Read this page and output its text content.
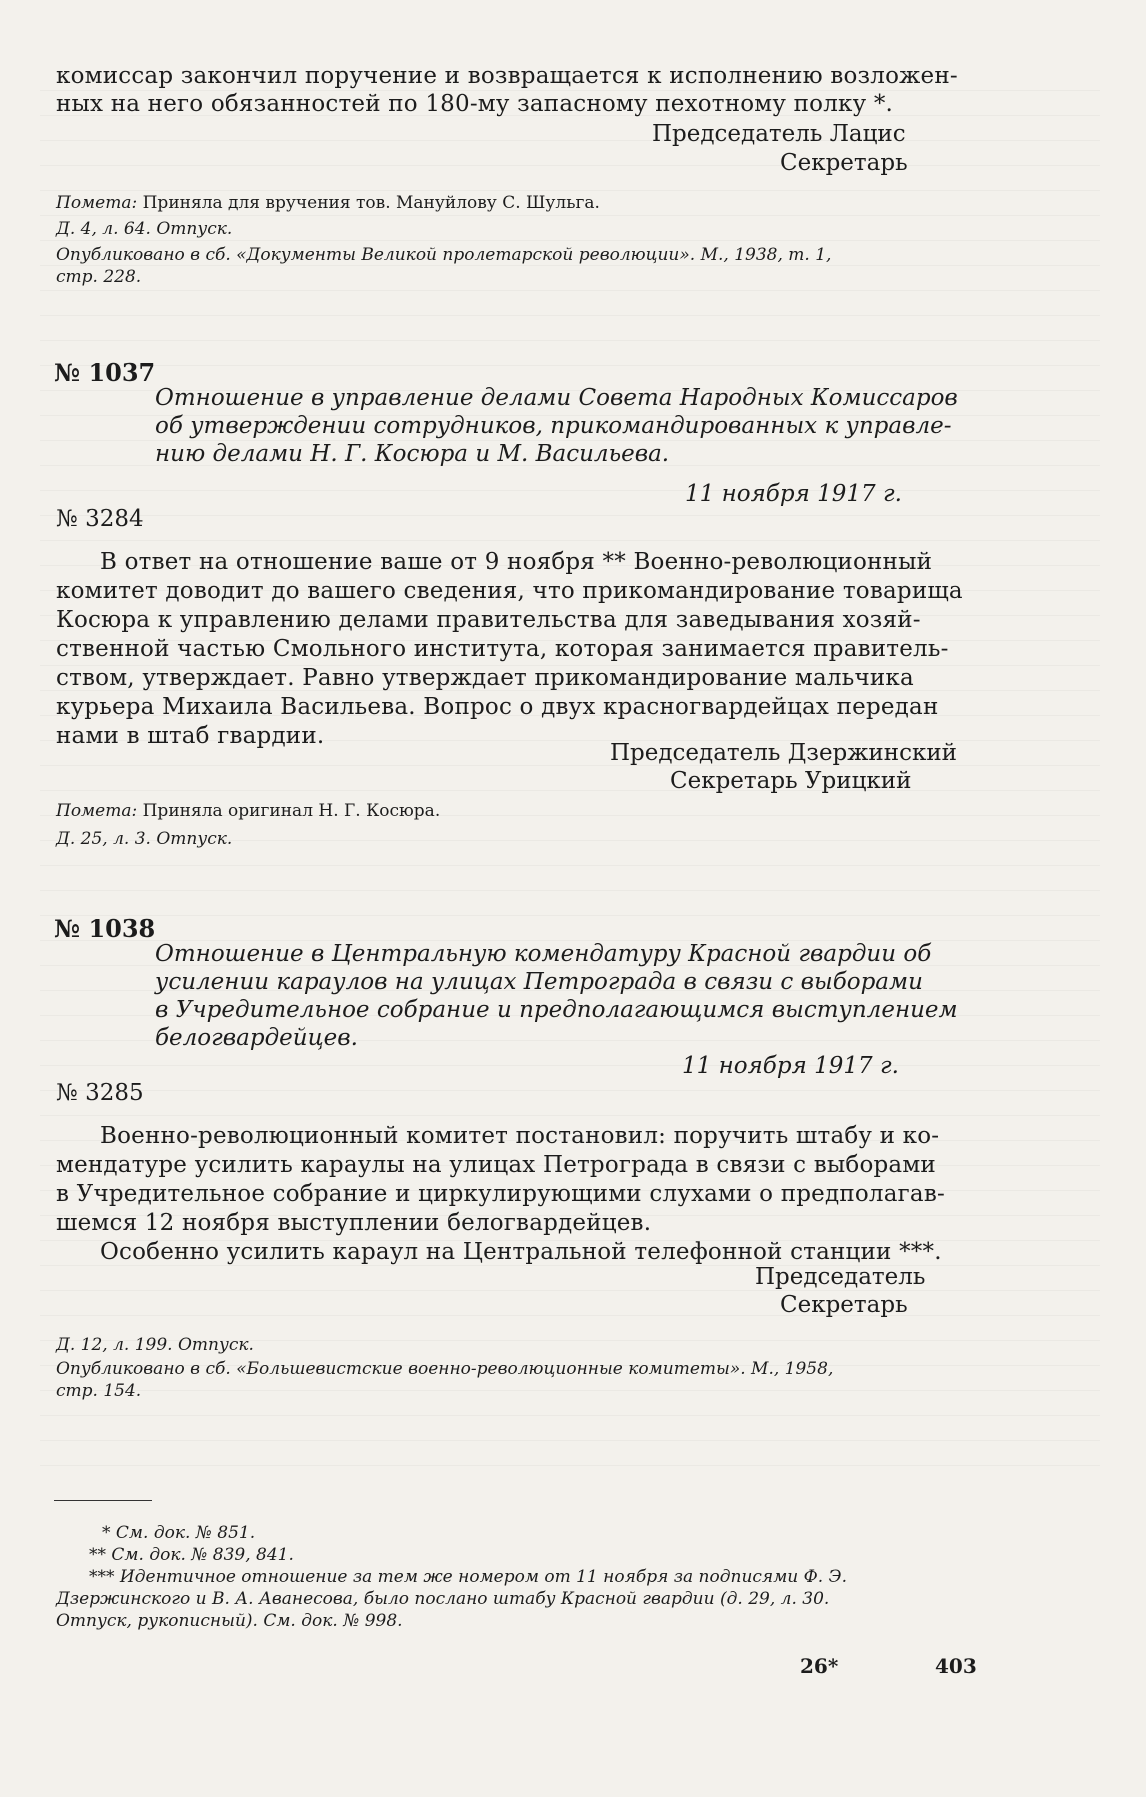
комиссар закончил поручение и возвращается к исполнению возложен-
ных на него обязанностей по 180-му запасному пехотному полку *.
Председатель Лацис
Секретарь
Помета: Приняла для вручения тов. Мануйлову С. Шульга.
Д. 4, л. 64. Отпуск.
Опубликовано в сб. «Документы Великой пролетарской революции». М., 1938, т. 1,
стр. 228.
№ 1037
Отношение в управление делами Совета Народных Комиссаров
об утверждении сотрудников, прикомандированных к управле-
нию делами Н. Г. Косюра и М. Васильева.
11 ноября 1917 г.
№ 3284
В ответ на отношение ваше от 9 ноября ** Военно-революционный
комитет доводит до вашего сведения, что прикомандирование товарища
Косюра к управлению делами правительства для заведывания хозяй-
ственной частью Смольного института, которая занимается правитель-
ством, утверждает. Равно утверждает прикомандирование мальчика
курьера Михаила Васильева. Вопрос о двух красногвардейцах передан
нами в штаб гвардии.
Председатель Дзержинский
Секретарь Урицкий
Помета: Приняла оригинал Н. Г. Косюра.
Д. 25, л. 3. Отпуск.
№ 1038
Отношение в Центральную комендатуру Красной гвардии об
усилении караулов на улицах Петрограда в связи с выборами
в Учредительное собрание и предполагающимся выступлением
белогвардейцев.
11 ноября 1917 г.
№ 3285
Военно-революционный комитет постановил: поручить штабу и ко-
мендатуре усилить караулы на улицах Петрограда в связи с выборами
в Учредительное собрание и циркулирующими слухами о предполагав-
шемся 12 ноября выступлении белогвардейцев.
Особенно усилить караул на Центральной телефонной станции ***.
Председатель
Секретарь
Д. 12, л. 199. Отпуск.
Опубликовано в сб. «Большевистские военно-революционные комитеты». М., 1958,
стр. 154.
* См. док. № 851.
** См. док. № 839, 841.
*** Идентичное отношение за тем же номером от 11 ноября за подписями Ф. Э.
Дзержинского и В. А. Аванесова, было послано штабу Красной гвардии (д. 29, л. 30.
Отпуск, рукописный). См. док. № 998.
26*	403
